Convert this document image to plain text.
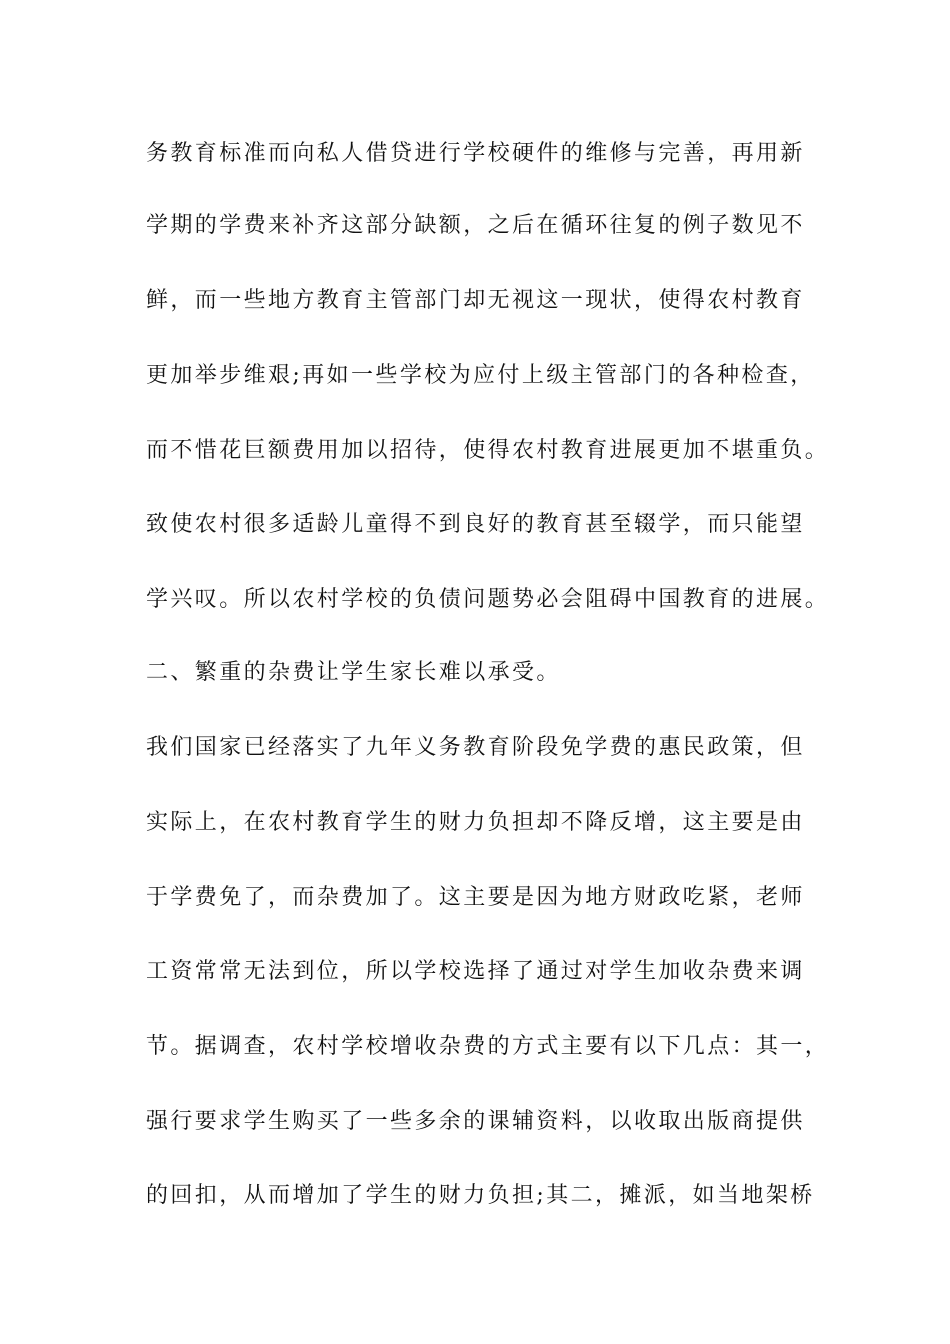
务教育标准而向私人借贷进行学校硬件的维修与完善，再用新
学期的学费来补齐这部分缺额，之后在循环往复的例子数见不
鲜，而一些地方教育主管部门却无视这一现状，使得农村教育
更加举步维艰;再如一些学校为应付上级主管部门的各种检查，
而不惜花巨额费用加以招待，使得农村教育进展更加不堪重负。
致使农村很多适龄儿童得不到良好的教育甚至辍学，而只能望
学兴叹。所以农村学校的负债问题势必会阻碍中国教育的进展。
二、繁重的杂费让学生家长难以承受。
我们国家已经落实了九年义务教育阶段免学费的惠民政策，但
实际上，在农村教育学生的财力负担却不降反增，这主要是由
于学费免了，而杂费加了。这主要是因为地方财政吃紧，老师
工资常常无法到位，所以学校选择了通过对学生加收杂费来调
节。据调查，农村学校增收杂费的方式主要有以下几点：其一，
强行要求学生购买了一些多余的课辅资料，以收取出版商提供
的回扣，从而增加了学生的财力负担;其二，摊派，如当地架桥
